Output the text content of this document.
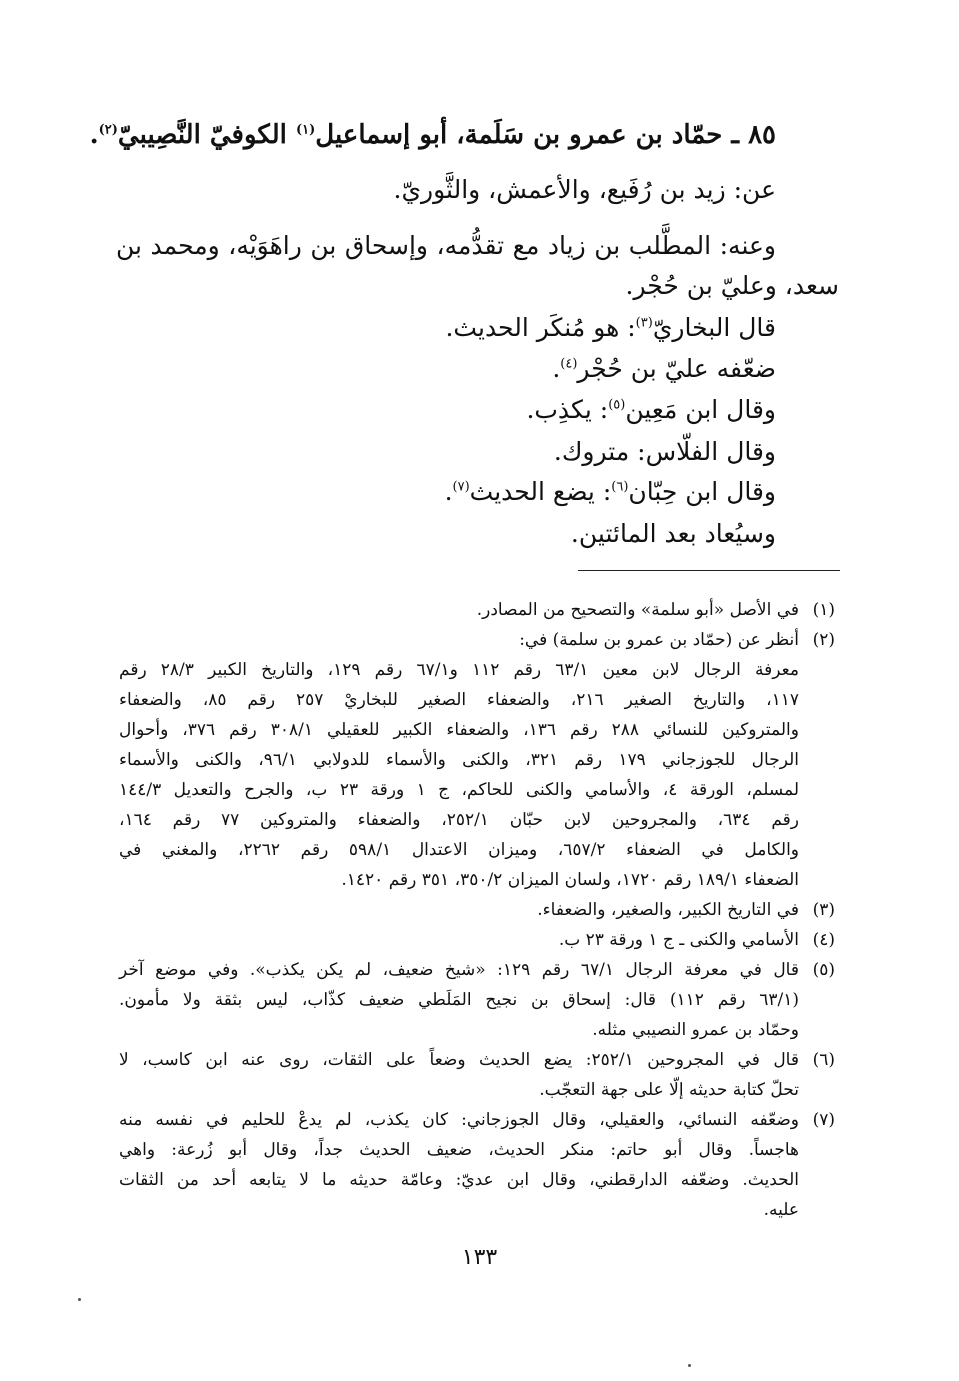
٨٥ ـ حمّاد بن عمرو بن سَلَمة، أبو إسماعيل$^{(١)}$ الكوفيّ النَّصِيبيّ$^{(٢)}$.
عن: زيد بن رُفَيع، والأعمش، والثَّوريّ.
وعنه: المطَّلب بن زياد مع تقدُّمه، وإسحاق بن راهَوَيْه، ومحمد بن
سعد، وعليّ بن حُجْر.
قال البخاريّ$^{(٣)}$: هو مُنكَر الحديث.
ضعّفه عليّ بن حُجْر$^{(٤)}$.
وقال ابن مَعِين$^{(٥)}$: يكذِب.
وقال الفلّاس: متروك.
وقال ابن حِبّان$^{(٦)}$: يضع الحديث$^{(٧)}$.
وسيُعاد بعد المائتين.
(١)
في الأصل «أبو سلمة» والتصحيح من المصادر.
(٢)
أنظر عن (حمّاد بن عمرو بن سلمة) في:
معرفة الرجال لابن معين ٦٣/١ رقم ١١٢ و٦٧/١ رقم ١٢٩، والتاريخ الكبير ٢٨/٣ رقم
١١٧، والتاريخ الصغير ٢١٦، والضعفاء الصغير للبخاريْ ٢٥٧ رقم ٨٥، والضعفاء
والمتروكين للنسائي ٢٨٨ رقم ١٣٦، والضعفاء الكبير للعقيلي ٣٠٨/١ رقم ٣٧٦، وأحوال
الرجال للجوزجاني ١٧٩ رقم ٣٢١، والكنى والأسماء للدولابي ٩٦/١، والكنى والأسماء
لمسلم، الورقة ٤، والأسامي والكنى للحاكم، ج ١ ورقة ٢٣ ب، والجرح والتعديل ١٤٤/٣
رقم ٦٣٤، والمجروحين لابن حبّان ٢٥٢/١، والضعفاء والمتروكين ٧٧ رقم ١٦٤،
والكامل في الضعفاء ٦٥٧/٢، وميزان الاعتدال ٥٩٨/١ رقم ٢٢٦٢، والمغني في
الضعفاء ١٨٩/١ رقم ١٧٢٠، ولسان الميزان ٣٥٠/٢، ٣٥١ رقم ١٤٢٠.
(٣)
في التاريخ الكبير، والصغير، والضعفاء.
(٤)
الأسامي والكنى ـ ج ١ ورقة ٢٣ ب.
(٥)
قال في معرفة الرجال ٦٧/١ رقم ١٢٩: «شيخ ضعيف، لم يكن يكذب». وفي موضع آخر
(٦٣/١ رقم ١١٢) قال: إسحاق بن نجيح المَلَطي ضعيف كذّاب، ليس بثقة ولا مأمون.
وحمّاد بن عمرو النصيبي مثله.
(٦)
قال في المجروحين ٢٥٢/١: يضع الحديث وضعاً على الثقات، روى عنه ابن كاسب، لا
تحلّ كتابة حديثه إلّا على جهة التعجّب.
(٧)
وضعّفه النسائي، والعقيلي، وقال الجوزجاني: كان يكذب، لم يدعْ للحليم في نفسه منه
هاجساً. وقال أبو حاتم: منكر الحديث، ضعيف الحديث جداً، وقال أبو زُرعة: واهي
الحديث. وضعّفه الدارقطني، وقال ابن عديّ: وعامّة حديثه ما لا يتابعه أحد من الثقات
عليه.
١٣٣
